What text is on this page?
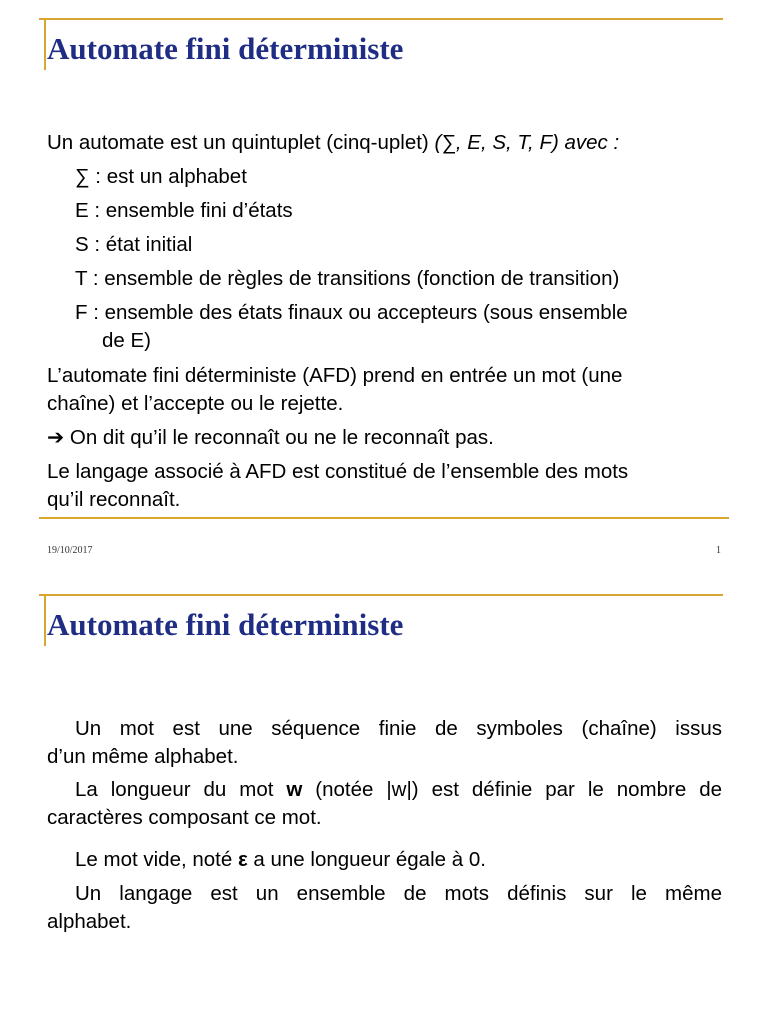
Automate fini déterministe

Un automate est un quintuplet (cinq-uplet) (∑, E, S, T, F) avec :

∑ : est un alphabet

E : ensemble fini d’états

S : état initial

T : ensemble de règles de transitions (fonction de transition)

F : ensemble des états finaux ou accepteurs (sous ensemble

de E)

L’automate fini déterministe (AFD) prend en entrée un mot (une

chaîne) et l’accepte ou le rejette.

➔ On dit qu’il le reconnaît ou ne le reconnaît pas.

Le langage associé à AFD est constitué de l’ensemble des mots

qu’il reconnaît.

19/10/2017	1
Automate fini déterministe

Un mot est une séquence finie de symboles (chaîne) issus

d’un même alphabet.

La longueur du mot w (notée |w|) est définie par le nombre de

caractères composant ce mot.

Le mot vide, noté ε a une longueur égale à 0.

Un langage est un ensemble de mots définis sur le même

alphabet.
